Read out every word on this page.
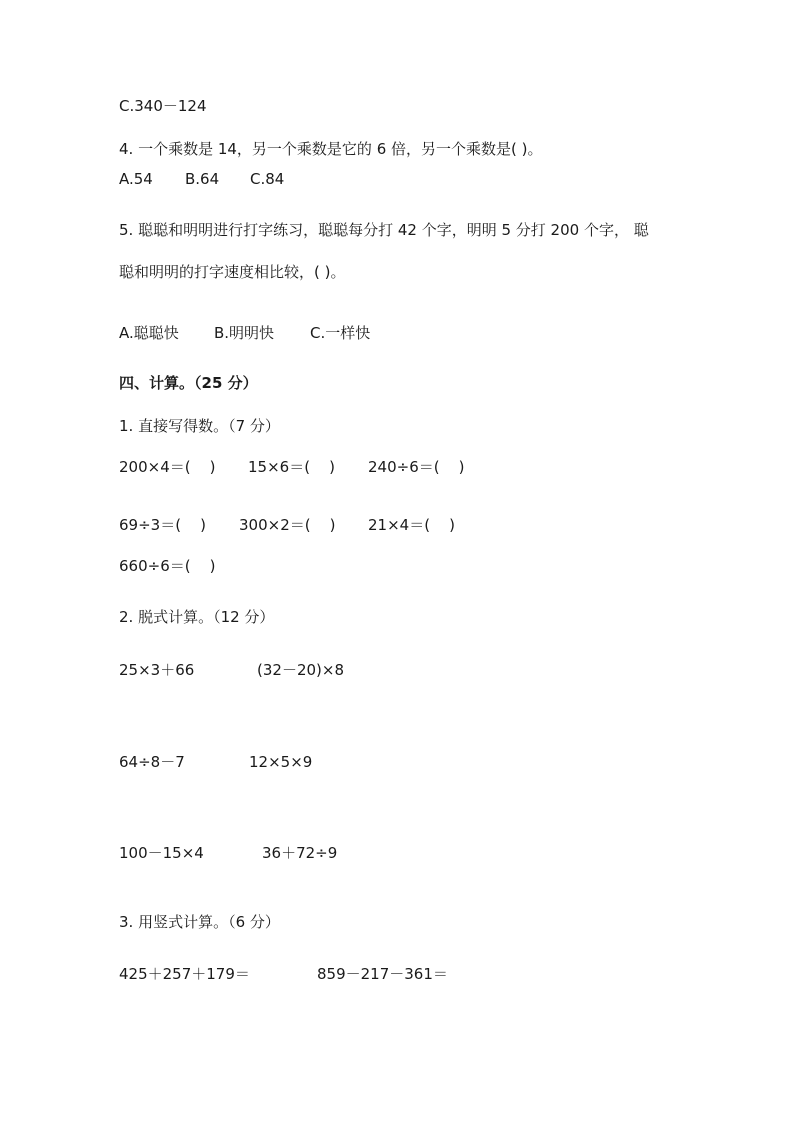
C.340－124
4. 一个乘数是 14，另一个乘数是它的 6 倍，另一个乘数是( )。
A.54 B.64 C.84
5. 聪聪和明明进行打字练习，聪聪每分打 42 个字，明明 5 分打 200 个字， 聪
聪和明明的打字速度相比较，( )。
A.聪聪快 B.明明快 C.一样快
四、计算。（25 分）
1. 直接写得数。（7 分）
200×4＝(    ) 15×6＝(    ) 240÷6＝(    )
69÷3＝(    ) 300×2＝(    ) 21×4＝(    )
660÷6＝(    )
2. 脱式计算。（12 分）
25×3＋66	(32－20)×8
64÷8－7	12×5×9
100－15×4	36＋72÷9
3. 用竖式计算。（6 分）
425＋257＋179＝	859－217－361＝
